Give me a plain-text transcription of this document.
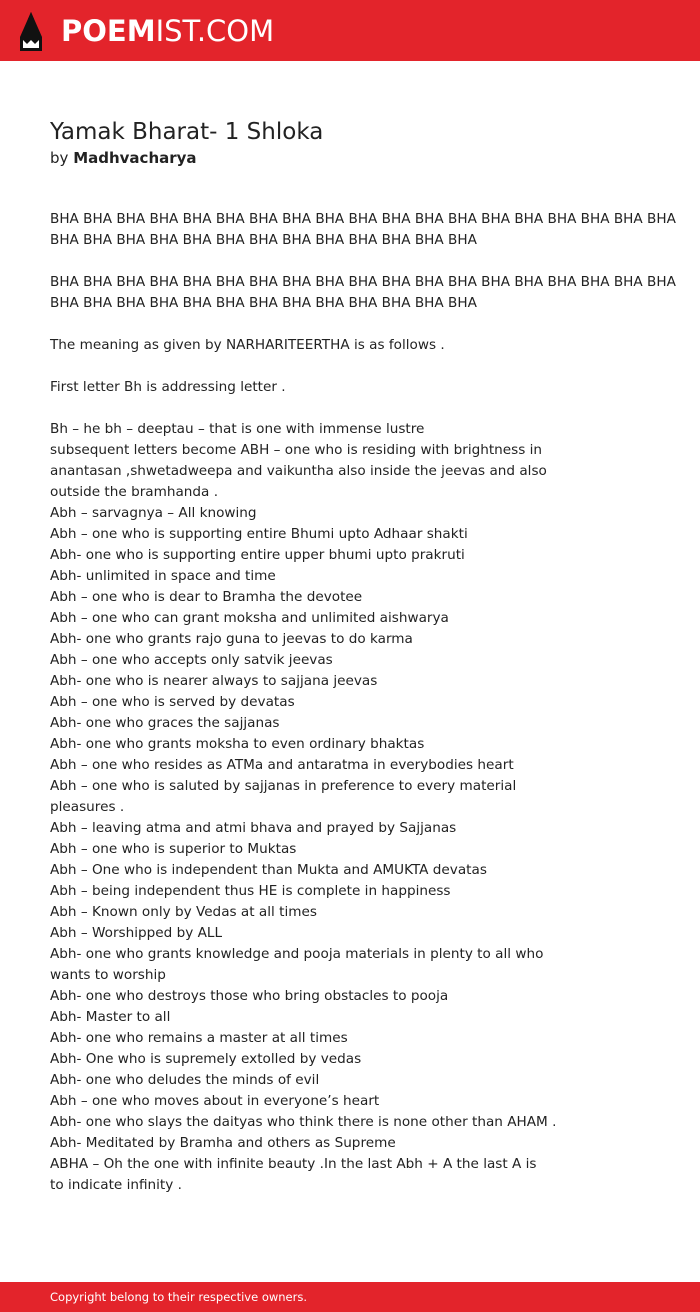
POEMIST.COM
Yamak Bharat- 1 Shloka
by Madhvacharya
BHA BHA BHA BHA BHA BHA BHA BHA BHA BHA BHA BHA BHA BHA BHA BHA BHA BHA BHA
BHA BHA BHA BHA BHA BHA BHA BHA BHA BHA BHA BHA BHA
BHA BHA BHA BHA BHA BHA BHA BHA BHA BHA BHA BHA BHA BHA BHA BHA BHA BHA BHA
BHA BHA BHA BHA BHA BHA BHA BHA BHA BHA BHA BHA BHA
The meaning as given by NARHARITEERTHA is as follows .
First letter Bh is addressing letter .
Bh – he bh – deeptau – that is one with immense lustre
subsequent letters become ABH – one who is residing with brightness in
anantasan ,shwetadweepa and vaikuntha also inside the jeevas and also
outside the bramhanda .
Abh – sarvagnya – All knowing
Abh – one who is supporting entire Bhumi upto Adhaar shakti
Abh- one who is supporting entire upper bhumi upto prakruti
Abh- unlimited in space and time
Abh – one who is dear to Bramha the devotee
Abh – one who can grant moksha and unlimited aishwarya
Abh- one who grants rajo guna to jeevas to do karma
Abh – one who accepts only satvik jeevas
Abh- one who is nearer always to sajjana jeevas
Abh – one who is served by devatas
Abh- one who graces the sajjanas
Abh- one who grants moksha to even ordinary bhaktas
Abh – one who resides as ATMa and antaratma in everybodies heart
Abh – one who is saluted by sajjanas in preference to every material
pleasures .
Abh – leaving atma and atmi bhava and prayed by Sajjanas
Abh – one who is superior to Muktas
Abh – One who is independent than Mukta and AMUKTA devatas
Abh – being independent thus HE is complete in happiness
Abh – Known only by Vedas at all times
Abh – Worshipped by ALL
Abh- one who grants knowledge and pooja materials in plenty to all who
wants to worship
Abh- one who destroys those who bring obstacles to pooja
Abh- Master to all
Abh- one who remains a master at all times
Abh- One who is supremely extolled by vedas
Abh- one who deludes the minds of evil
Abh – one who moves about in everyone’s heart
Abh- one who slays the daityas who think there is none other than AHAM .
Abh- Meditated by Bramha and others as Supreme
ABHA – Oh the one with infinite beauty .In the last Abh + A the last A is
to indicate infinity .
Copyright belong to their respective owners.
